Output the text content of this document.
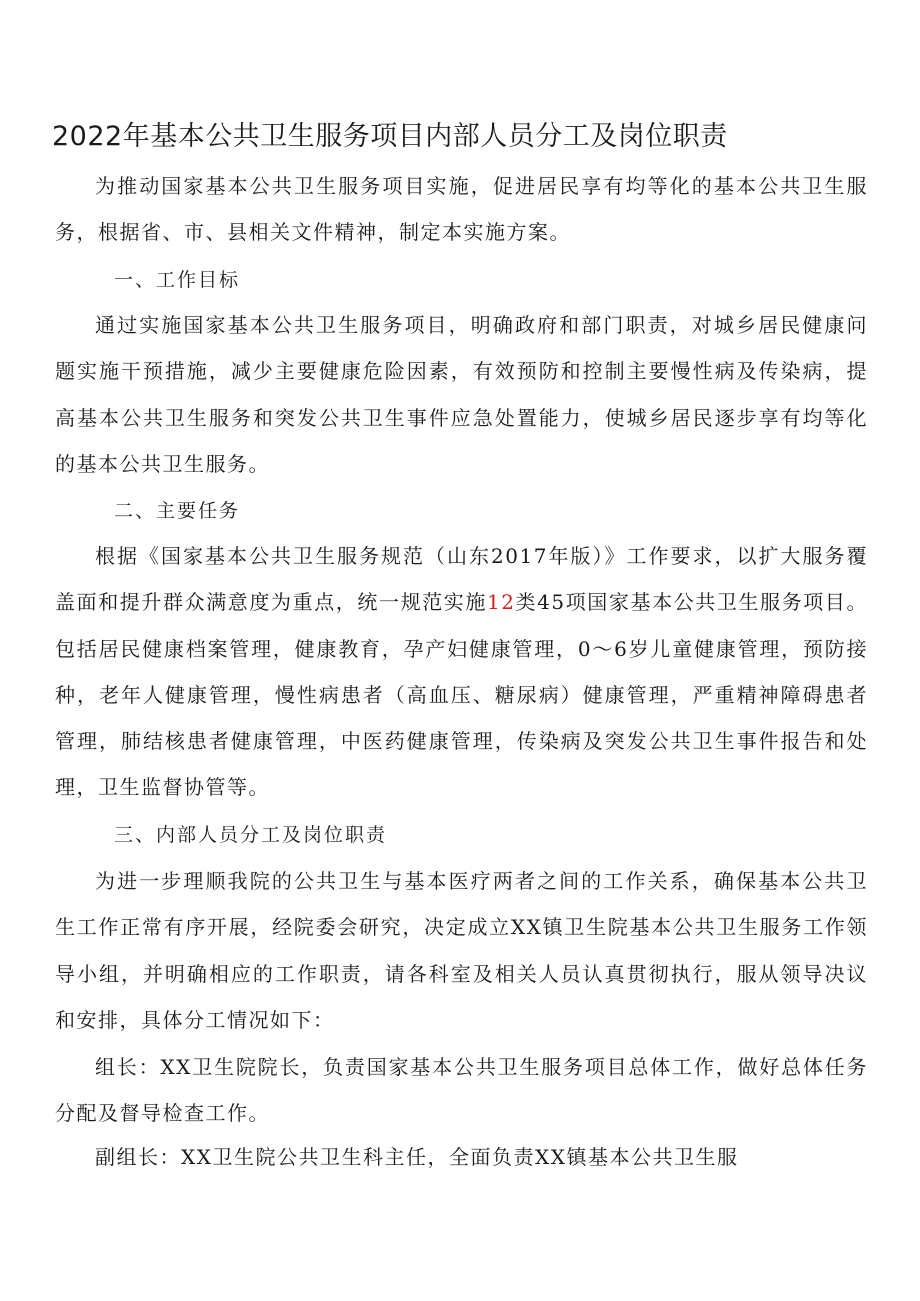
2022年基本公共卫生服务项目内部人员分工及岗位职责

为推动国家基本公共卫生服务项目实施，促进居民享有均等化的基本公共卫生服务，根据省、市、县相关文件精神，制定本实施方案。

一、工作目标

通过实施国家基本公共卫生服务项目，明确政府和部门职责，对城乡居民健康问题实施干预措施，减少主要健康危险因素，有效预防和控制主要慢性病及传染病，提高基本公共卫生服务和突发公共卫生事件应急处置能力，使城乡居民逐步享有均等化的基本公共卫生服务。

二、主要任务

根据《国家基本公共卫生服务规范（山东2017年版）》工作要求，以扩大服务覆盖面和提升群众满意度为重点，统一规范实施12类45项国家基本公共卫生服务项目。包括居民健康档案管理，健康教育，孕产妇健康管理，0～6岁儿童健康管理，预防接种，老年人健康管理，慢性病患者（高血压、糖尿病）健康管理，严重精神障碍患者管理，肺结核患者健康管理，中医药健康管理，传染病及突发公共卫生事件报告和处理，卫生监督协管等。

三、内部人员分工及岗位职责

为进一步理顺我院的公共卫生与基本医疗两者之间的工作关系，确保基本公共卫生工作正常有序开展，经院委会研究，决定成立XX镇卫生院基本公共卫生服务工作领导小组，并明确相应的工作职责，请各科室及相关人员认真贯彻执行，服从领导决议和安排，具体分工情况如下：

组长：XX卫生院院长，负责国家基本公共卫生服务项目总体工作，做好总体任务分配及督导检查工作。

副组长：XX卫生院公共卫生科主任，全面负责XX镇基本公共卫生服
